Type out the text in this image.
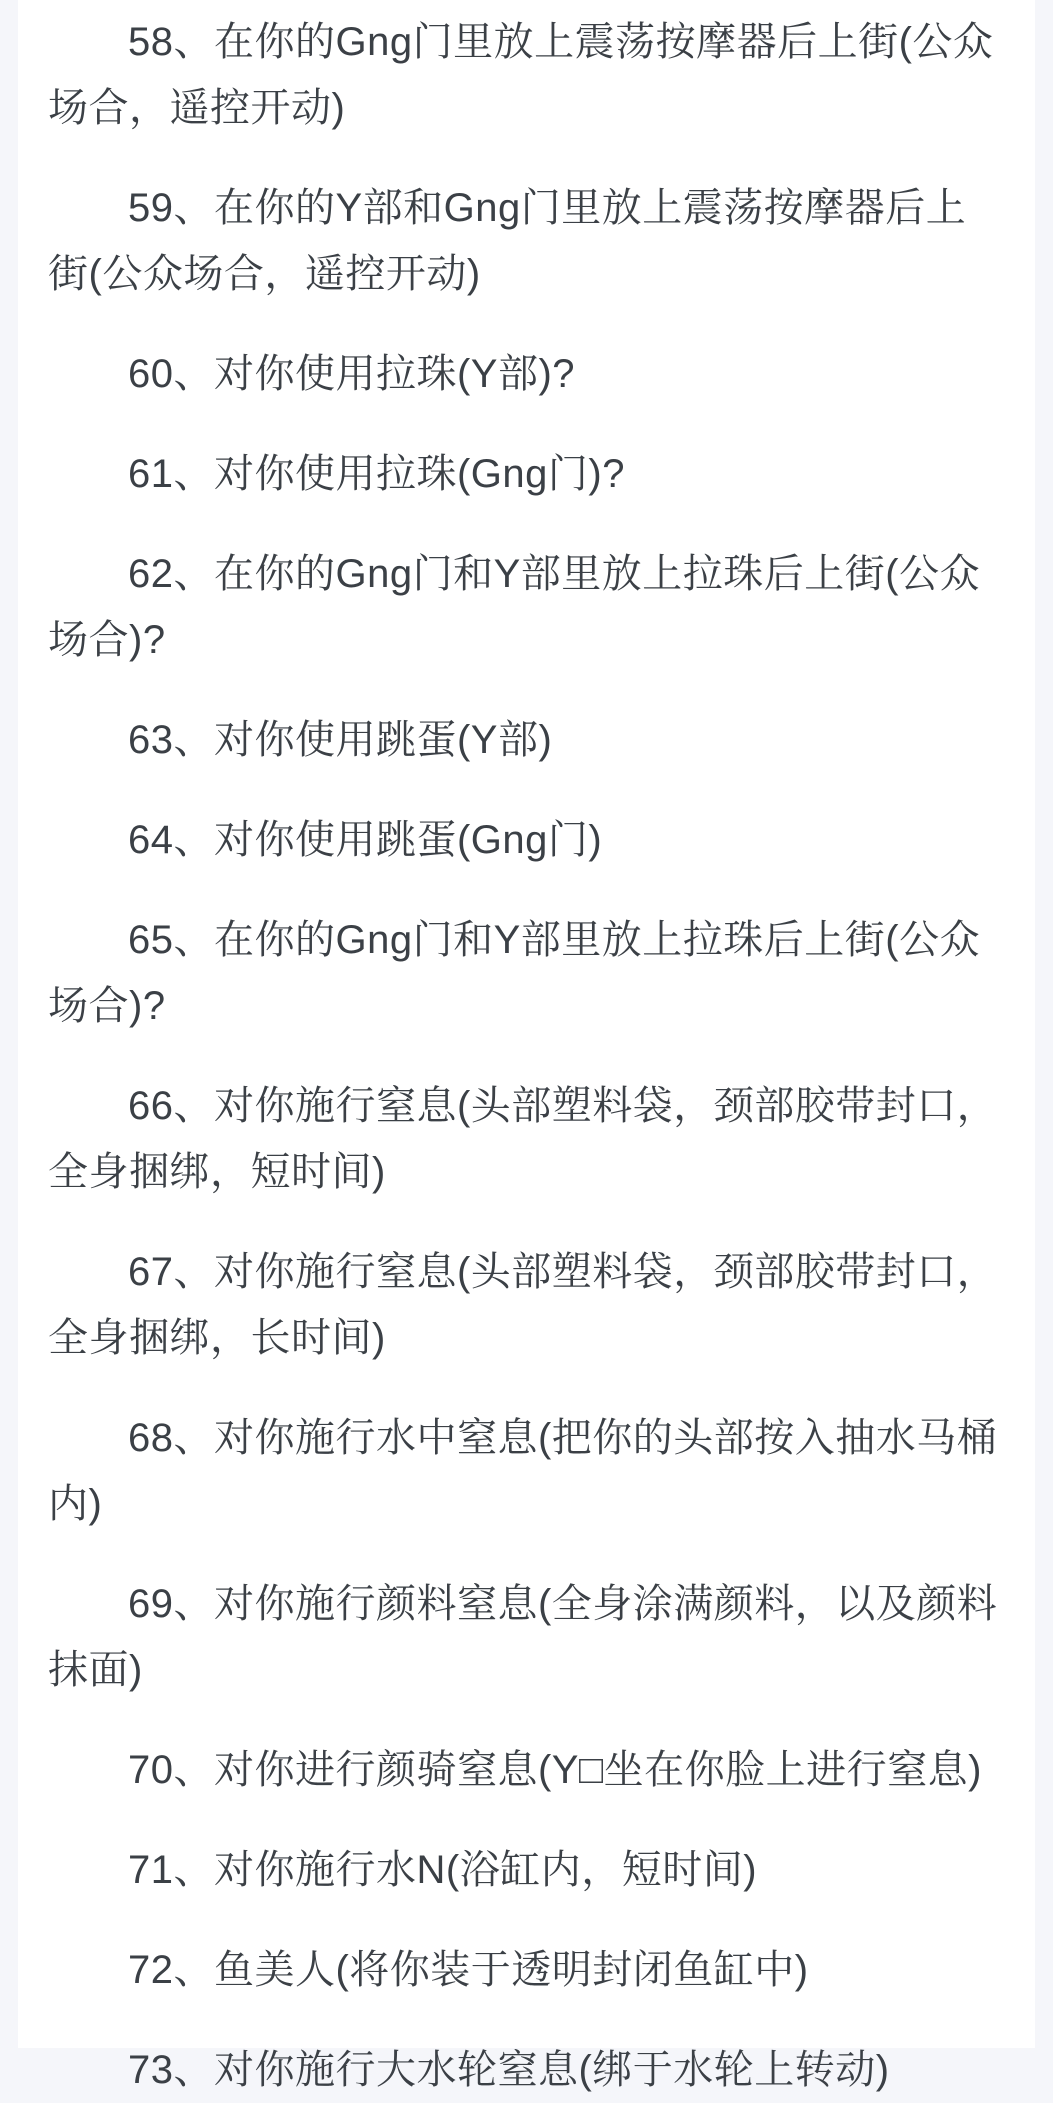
58、在你的Gng门里放上震荡按摩器后上街(公众场合，遥控开动)

59、在你的Y部和Gng门里放上震荡按摩器后上街(公众场合，遥控开动)

60、对你使用拉珠(Y部)?

61、对你使用拉珠(Gng门)?

62、在你的Gng门和Y部里放上拉珠后上街(公众场合)?

63、对你使用跳蛋(Y部)

64、对你使用跳蛋(Gng门)

65、在你的Gng门和Y部里放上拉珠后上街(公众场合)?

66、对你施行窒息(头部塑料袋，颈部胶带封口，全身捆绑，短时间)

67、对你施行窒息(头部塑料袋，颈部胶带封口，全身捆绑，长时间)

68、对你施行水中窒息(把你的头部按入抽水马桶内)

69、对你施行颜料窒息(全身涂满颜料，以及颜料抹面)

70、对你进行颜骑窒息(Y□坐在你脸上进行窒息)

71、对你施行水N(浴缸内，短时间)

72、鱼美人(将你装于透明封闭鱼缸中)

73、对你施行大水轮窒息(绑于水轮上转动)
